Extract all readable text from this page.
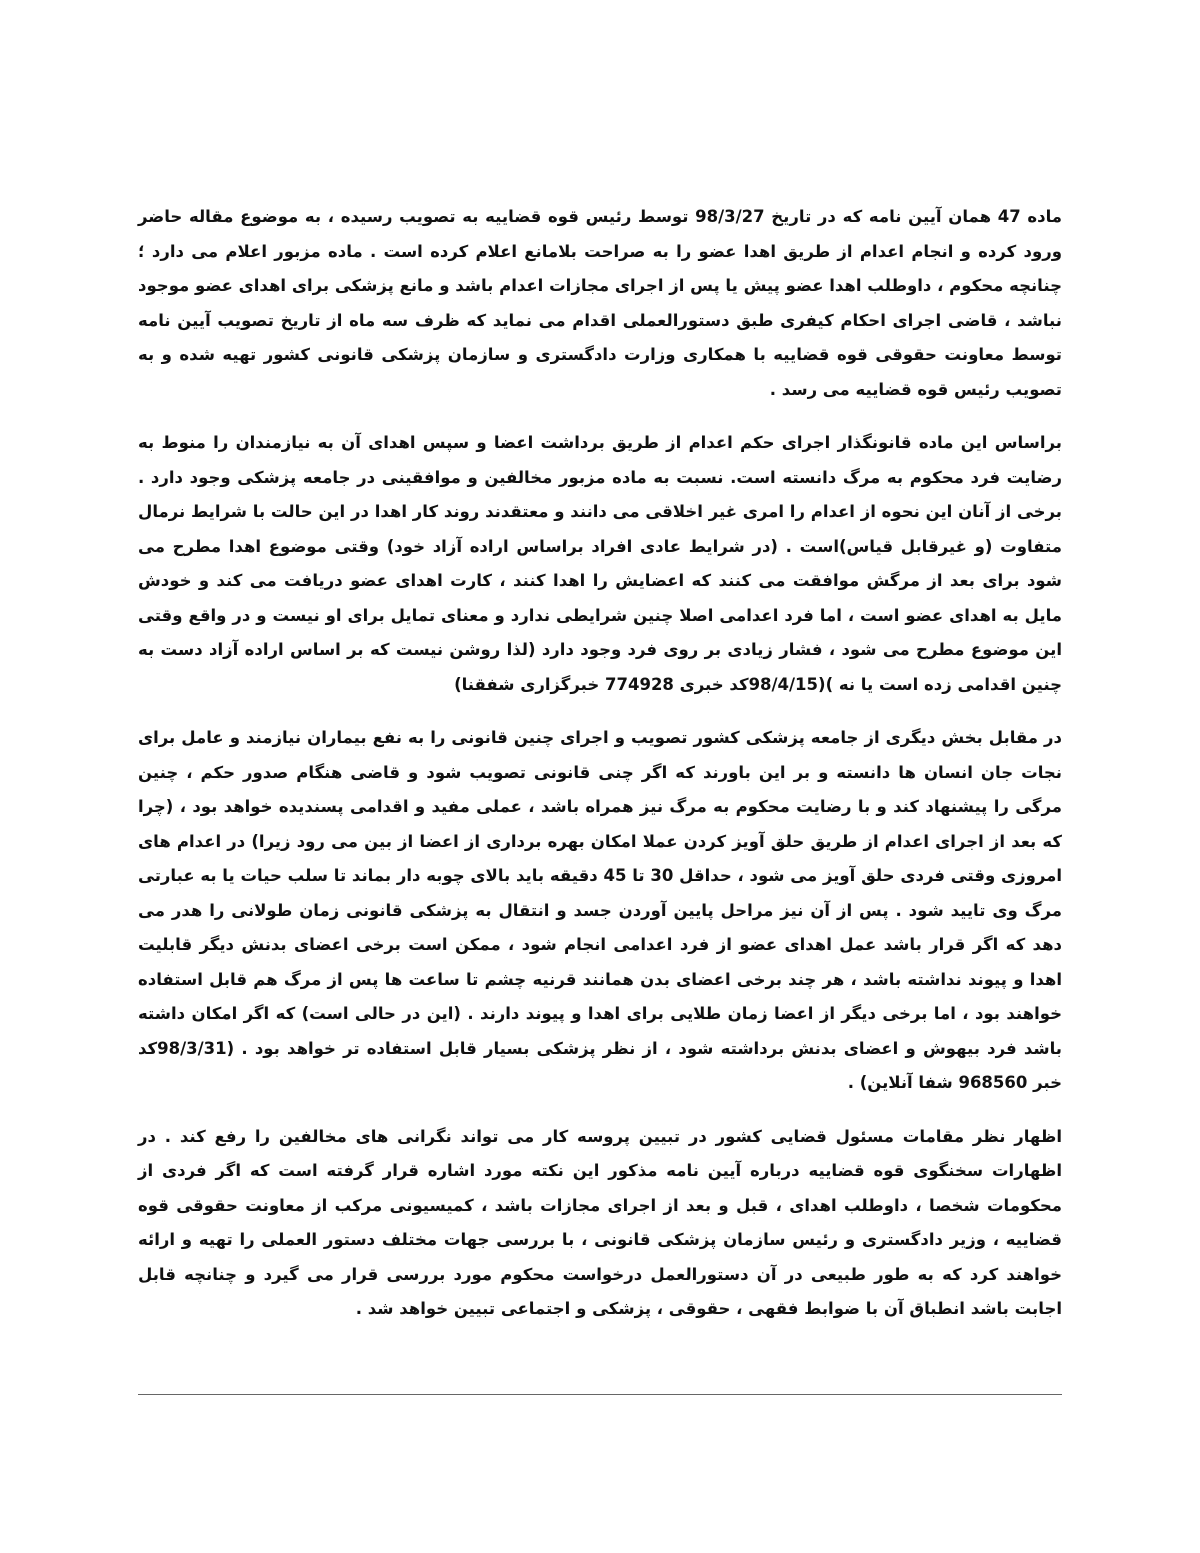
ماده 47 همان آیین نامه که در تاریخ 98/3/27 توسط رئیس قوه قضاییه به تصویب رسیده ، به موضوع مقاله حاضر ورود کرده و انجام اعدام از طریق اهدا عضو را به صراحت بلامانع اعلام کرده است . ماده مزبور اعلام می دارد ؛ چنانچه محکوم ، داوطلب اهدا عضو پیش یا پس از اجرای مجازات اعدام باشد و مانع پزشکی برای اهدای عضو موجود نباشد ، قاضی اجرای احکام کیفری طبق دستورالعملی اقدام می نماید که ظرف سه ماه از تاریخ تصویب آیین نامه توسط معاونت حقوقی قوه قضاییه با همکاری وزارت دادگستری و سازمان پزشکی قانونی کشور تهیه شده و به تصویب رئیس قوه قضاییه می رسد .

براساس این ماده قانونگذار اجرای حکم اعدام از طریق برداشت اعضا و سپس اهدای آن به نیازمندان را منوط به رضایت فرد محکوم به مرگ دانسته است. نسبت به ماده مزبور مخالفین و موافقینی در جامعه پزشکی وجود دارد . برخی از آنان این نحوه از اعدام را امری غیر اخلاقی می دانند و معتقدند روند کار اهدا در این حالت با شرایط نرمال متفاوت (و غیرقابل قیاس)است . (در شرایط عادی افراد براساس اراده آزاد خود) وقتی موضوع اهدا مطرح می شود برای بعد از مرگش موافقت می کنند که اعضایش را اهدا کنند ، کارت اهدای عضو دریافت می کند و خودش مایل به اهدای عضو است ، اما فرد اعدامی اصلا چنین شرایطی ندارد و معنای تمایل برای او نیست و در واقع وقتی این موضوع مطرح می شود ، فشار زیادی بر روی فرد وجود دارد (لذا روشن نیست که بر اساس اراده آزاد دست به چنین اقدامی زده است یا نه )(98/4/15کد خبری 774928 خبرگزاری شفقنا)

در مقابل بخش دیگری از جامعه پزشکی کشور تصویب و اجرای چنین قانونی را به نفع بیماران نیازمند و عامل برای نجات جان انسان ها دانسته و بر این باورند که اگر چنی قانونی تصویب شود و قاضی هنگام صدور حکم ، چنین مرگی را پیشنهاد کند و با رضایت محکوم به مرگ نیز همراه باشد ، عملی مفید و اقدامی پسندیده خواهد بود ، (چرا که بعد از اجرای اعدام از طریق حلق آویز کردن عملا امکان بهره برداری از اعضا از بین می رود زیرا) در اعدام های امروزی وقتی فردی حلق آویز می شود ، حداقل 30 تا 45 دقیقه باید بالای چوبه دار بماند تا سلب حیات یا به عبارتی مرگ وی تایید شود . پس از آن نیز مراحل پایین آوردن جسد و انتقال به پزشکی قانونی زمان طولانی را هدر می دهد که اگر قرار باشد عمل اهدای عضو از فرد اعدامی انجام شود ، ممکن است برخی اعضای بدنش دیگر قابلیت اهدا و پیوند نداشته باشد ، هر چند برخی اعضای بدن همانند قرنیه چشم تا ساعت ها پس از مرگ هم قابل استفاده خواهند بود ، اما برخی دیگر از اعضا زمان طلایی برای اهدا و پیوند دارند . (این در حالی است) که اگر امکان داشته باشد فرد بیهوش و اعضای بدنش برداشته شود ، از نظر پزشکی بسیار قابل استفاده تر خواهد بود . (98/3/31کد خبر 968560 شفا آنلاین) .

اظهار نظر مقامات مسئول قضایی کشور در تبیین پروسه کار می تواند نگرانی های مخالفین را رفع کند . در اظهارات سخنگوی قوه قضاییه درباره آیین نامه مذکور این نکته مورد اشاره قرار گرفته است که اگر فردی از محکومات شخصا ، داوطلب اهدای ، قبل و بعد از اجرای مجازات باشد ، کمیسیونی مرکب از معاونت حقوقی قوه قضاییه ، وزیر دادگستری و رئیس سازمان پزشکی قانونی ، با بررسی جهات مختلف دستور العملی را تهیه و ارائه خواهند کرد که به طور طبیعی در آن دستورالعمل درخواست محکوم مورد بررسی قرار می گیرد و چنانچه قابل اجابت باشد انطباق آن با ضوابط فقهی ، حقوقی ، پزشکی و اجتماعی تبیین خواهد شد .
